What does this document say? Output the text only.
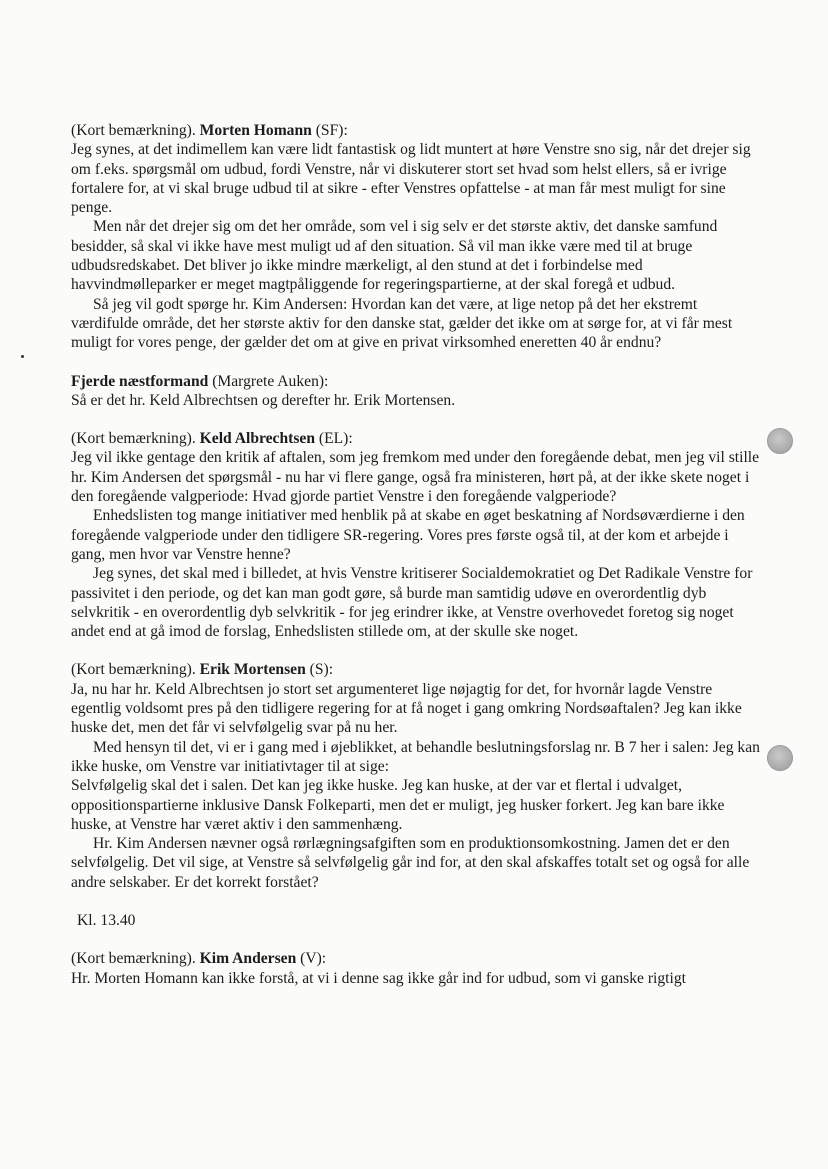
(Kort bemærkning). Morten Homann (SF):

Jeg synes, at det indimellem kan være lidt fantastisk og lidt muntert at høre Venstre sno sig, når det drejer sig om f.eks. spørgsmål om udbud, fordi Venstre, når vi diskuterer stort set hvad som helst ellers, så er ivrige fortalere for, at vi skal bruge udbud til at sikre - efter Venstres opfattelse - at man får mest muligt for sine penge.

Men når det drejer sig om det her område, som vel i sig selv er det største aktiv, det danske samfund besidder, så skal vi ikke have mest muligt ud af den situation. Så vil man ikke være med til at bruge udbudsredskabet. Det bliver jo ikke mindre mærkeligt, al den stund at det i forbindelse med havvindmølleparker er meget magtpåliggende for regeringspartierne, at der skal foregå et udbud.

Så jeg vil godt spørge hr. Kim Andersen: Hvordan kan det være, at lige netop på det her ekstremt værdifulde område, det her største aktiv for den danske stat, gælder det ikke om at sørge for, at vi får mest muligt for vores penge, der gælder det om at give en privat virksomhed eneretten 40 år endnu?

Fjerde næstformand (Margrete Auken):

Så er det hr. Keld Albrechtsen og derefter hr. Erik Mortensen.

(Kort bemærkning). Keld Albrechtsen (EL):

Jeg vil ikke gentage den kritik af aftalen, som jeg fremkom med under den foregående debat, men jeg vil stille hr. Kim Andersen det spørgsmål - nu har vi flere gange, også fra ministeren, hørt på, at der ikke skete noget i den foregående valgperiode: Hvad gjorde partiet Venstre i den foregående valgperiode?

Enhedslisten tog mange initiativer med henblik på at skabe en øget beskatning af Nordsøværdierne i den foregående valgperiode under den tidligere SR-regering. Vores pres første også til, at der kom et arbejde i gang, men hvor var Venstre henne?

Jeg synes, det skal med i billedet, at hvis Venstre kritiserer Socialdemokratiet og Det Radikale Venstre for passivitet i den periode, og det kan man godt gøre, så burde man samtidig udøve en overordentlig dyb selvkritik - en overordentlig dyb selvkritik - for jeg erindrer ikke, at Venstre overhovedet foretog sig noget andet end at gå imod de forslag, Enhedslisten stillede om, at der skulle ske noget.

(Kort bemærkning). Erik Mortensen (S):

Ja, nu har hr. Keld Albrechtsen jo stort set argumenteret lige nøjagtig for det, for hvornår lagde Venstre egentlig voldsomt pres på den tidligere regering for at få noget i gang omkring Nordsøaftalen? Jeg kan ikke huske det, men det får vi selvfølgelig svar på nu her.

Med hensyn til det, vi er i gang med i øjeblikket, at behandle beslutningsforslag nr. B 7 her i salen: Jeg kan ikke huske, om Venstre var initiativtager til at sige:

Selvfølgelig skal det i salen. Det kan jeg ikke huske. Jeg kan huske, at der var et flertal i udvalget, oppositionspartierne inklusive Dansk Folkeparti, men det er muligt, jeg husker forkert. Jeg kan bare ikke huske, at Venstre har været aktiv i den sammenhæng.

Hr. Kim Andersen nævner også rørlægningsafgiften som en produktionsomkostning. Jamen det er den selvfølgelig. Det vil sige, at Venstre så selvfølgelig går ind for, at den skal afskaffes totalt set og også for alle andre selskaber. Er det korrekt forstået?

Kl. 13.40

(Kort bemærkning). Kim Andersen (V):

Hr. Morten Homann kan ikke forstå, at vi i denne sag ikke går ind for udbud, som vi ganske rigtigt
